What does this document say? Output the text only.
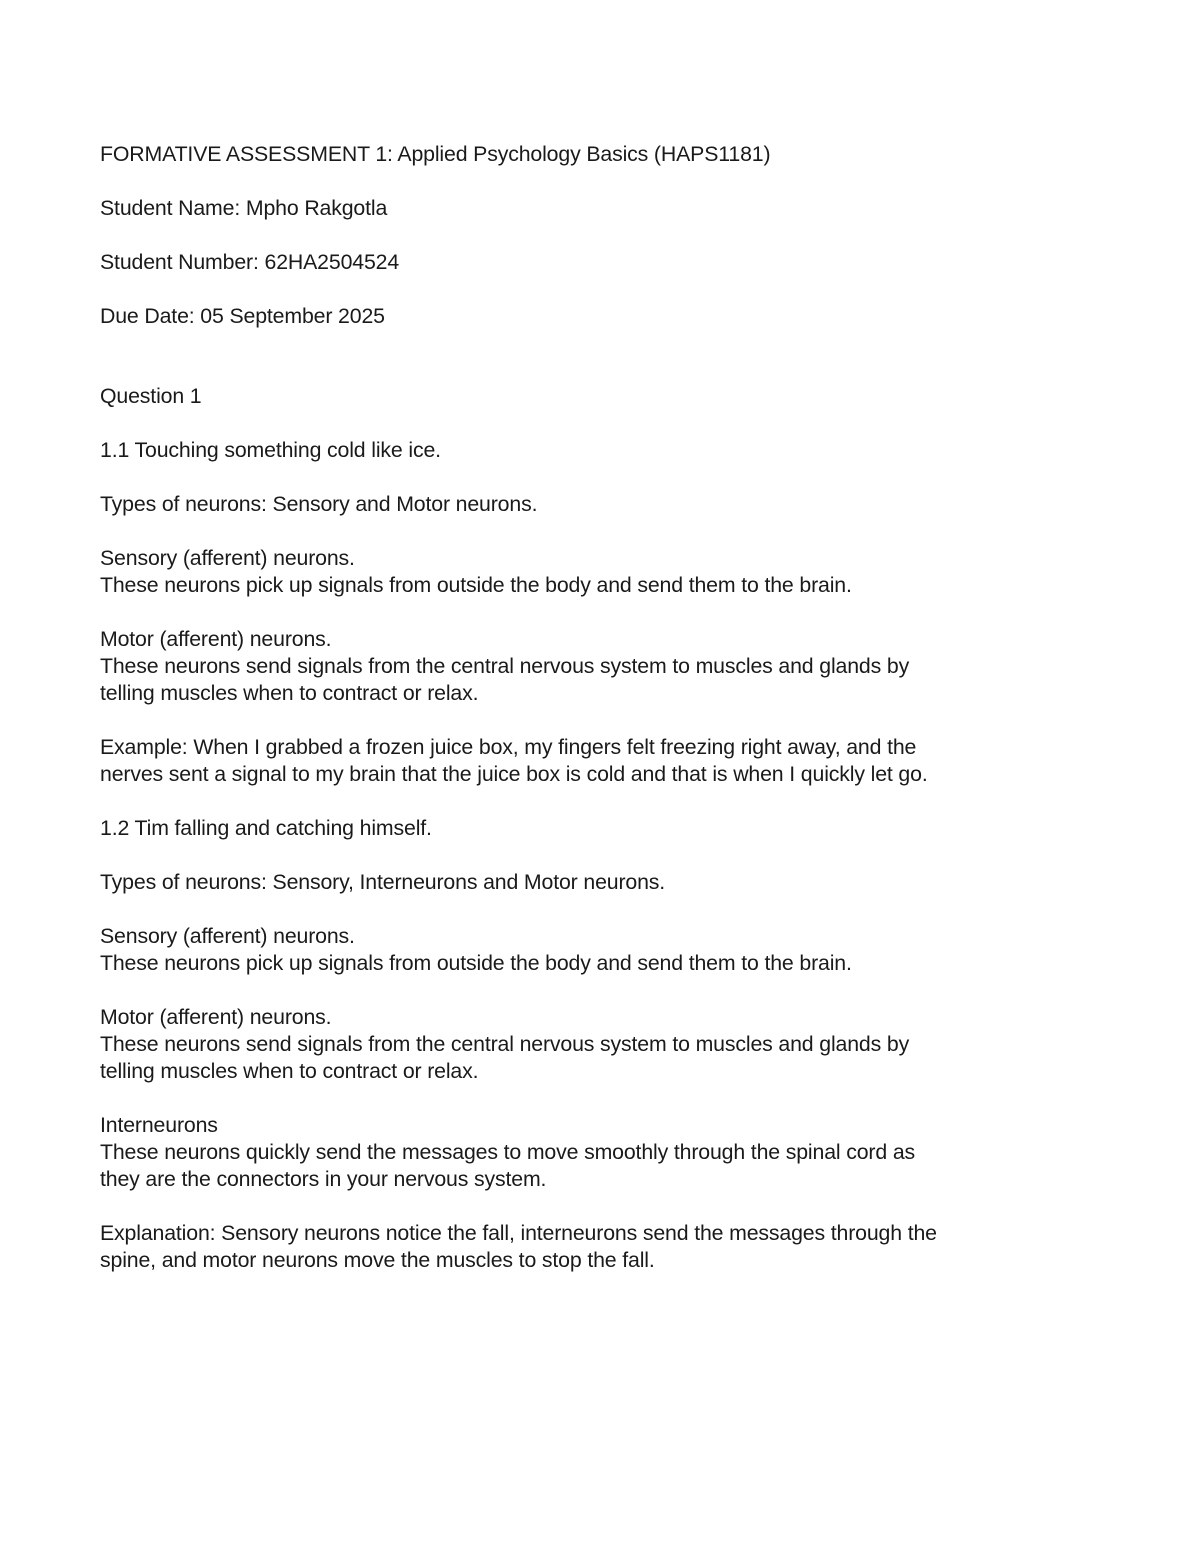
FORMATIVE ASSESSMENT 1: Applied Psychology Basics (HAPS1181)

Student Name: Mpho Rakgotla

Student Number: 62HA2504524

Due Date: 05 September 2025

Question 1

1.1 Touching something cold like ice.

Types of neurons: Sensory and Motor neurons.

Sensory (afferent) neurons.

These neurons pick up signals from outside the body and send them to the brain.

Motor (afferent) neurons.

These neurons send signals from the central nervous system to muscles and glands by telling muscles when to contract or relax.

Example: When I grabbed a frozen juice box, my fingers felt freezing right away, and the nerves sent a signal to my brain that the juice box is cold and that is when I quickly let go.

1.2 Tim falling and catching himself.

Types of neurons: Sensory, Interneurons and Motor neurons.

Sensory (afferent) neurons.

These neurons pick up signals from outside the body and send them to the brain.

Motor (afferent) neurons.

These neurons send signals from the central nervous system to muscles and glands by telling muscles when to contract or relax.

Interneurons

These neurons quickly send the messages to move smoothly through the spinal cord as they are the connectors in your nervous system.

Explanation: Sensory neurons notice the fall, interneurons send the messages through the spine, and motor neurons move the muscles to stop the fall.
